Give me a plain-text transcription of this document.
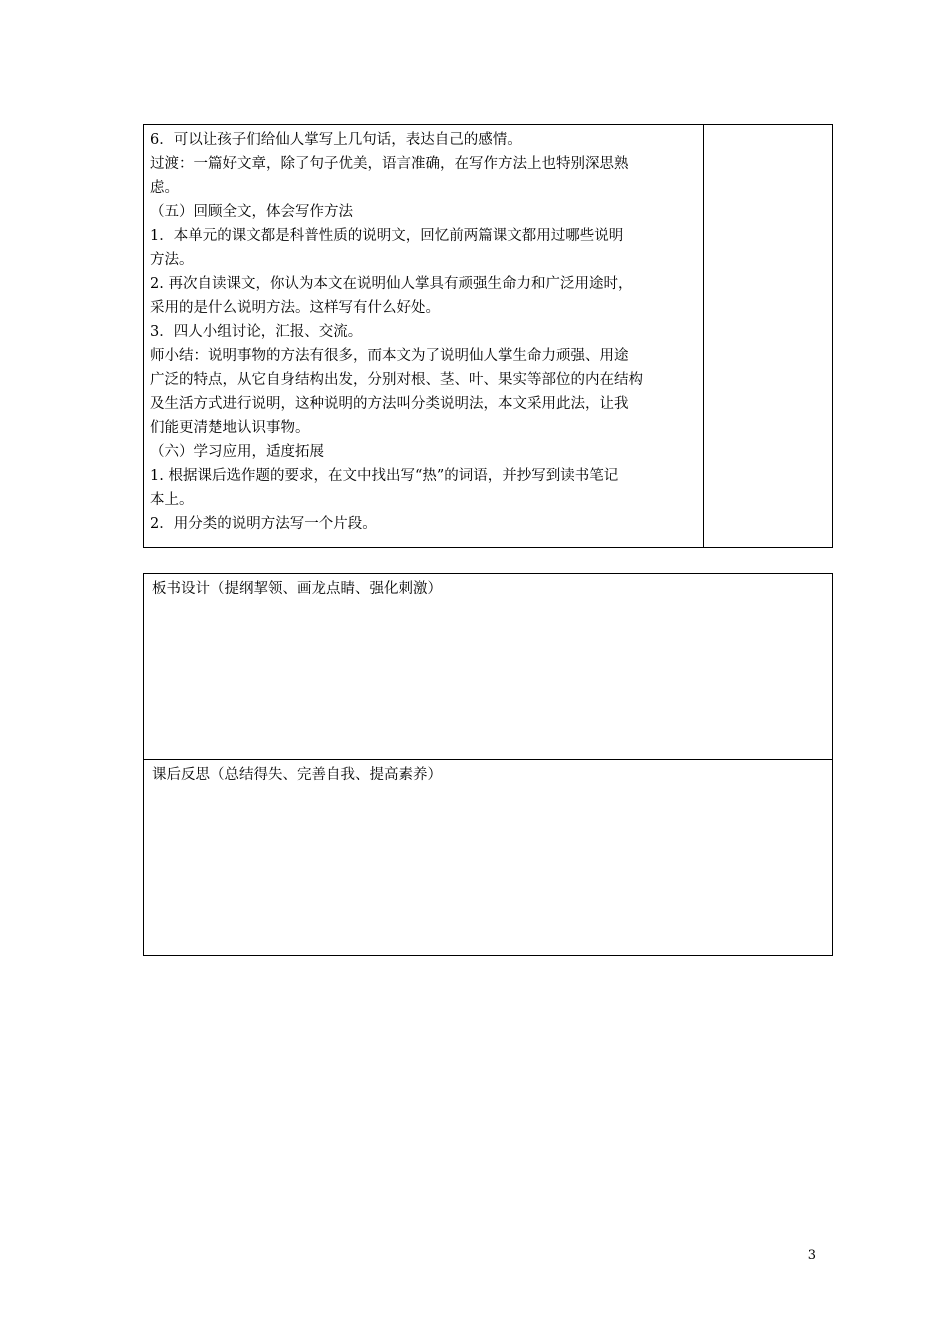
6．可以让孩子们给仙人掌写上几句话，表达自己的感情。
过渡：一篇好文章，除了句子优美，语言准确，在写作方法上也特别深思熟
虑。
（五）回顾全文，体会写作方法
1．本单元的课文都是科普性质的说明文，回忆前两篇课文都用过哪些说明
方法。
2. 再次自读课文，你认为本文在说明仙人掌具有顽强生命力和广泛用途时，
采用的是什么说明方法。这样写有什么好处。
3．四人小组讨论，汇报、交流。
师小结：说明事物的方法有很多，而本文为了说明仙人掌生命力顽强、用途
广泛的特点，从它自身结构出发，分别对根、茎、叶、果实等部位的内在结构
及生活方式进行说明，这种说明的方法叫分类说明法，本文采用此法，让我
们能更清楚地认识事物。
（六）学习应用，适度拓展
1. 根据课后选作题的要求，在文中找出写“热”的词语，并抄写到读书笔记
本上。
2．用分类的说明方法写一个片段。
板书设计（提纲挈领、画龙点睛、强化刺激）
课后反思（总结得失、完善自我、提高素养）
3
